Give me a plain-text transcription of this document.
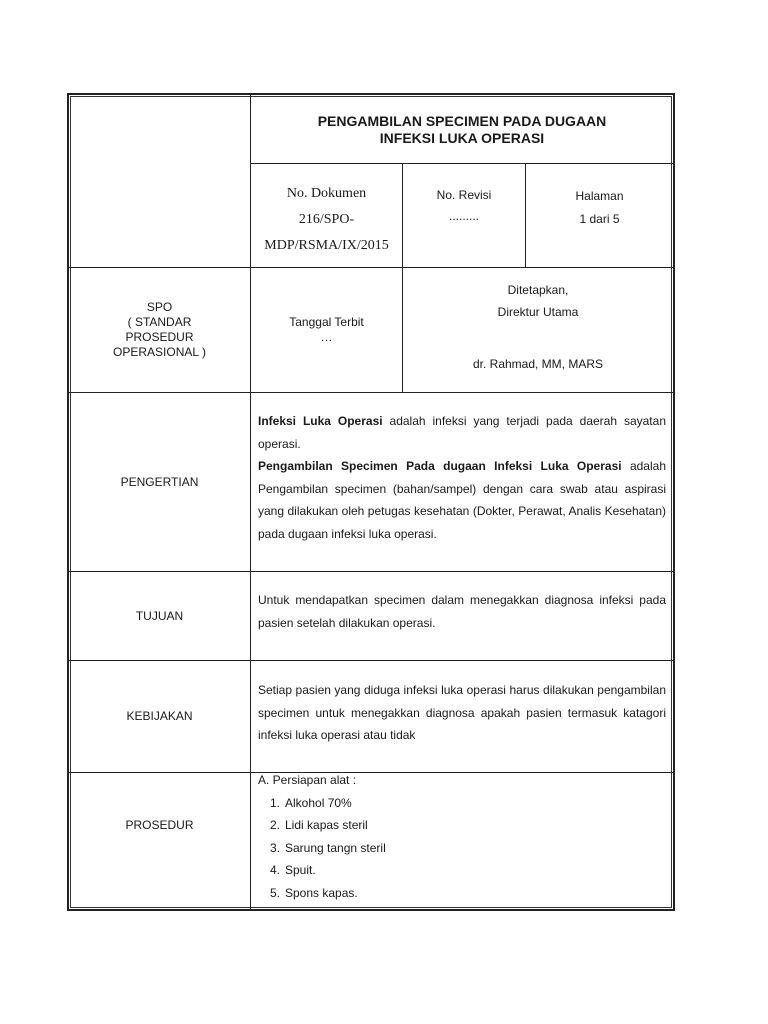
PENGAMBILAN SPECIMEN PADA DUGAAN
INFEKSI LUKA OPERASI
No. Dokumen
216/SPO-
MDP/RSMA/IX/2015
No. Revisi
.........
Halaman
1 dari 5
SPO
( STANDAR
PROSEDUR
OPERASIONAL )
Tanggal Terbit
…
Ditetapkan,
Direktur Utama
dr. Rahmad, MM, MARS
PENGERTIAN
Infeksi Luka Operasi adalah infeksi yang terjadi pada daerah sayatan operasi.
Pengambilan Specimen Pada dugaan Infeksi Luka Operasi adalah Pengambilan specimen (bahan/sampel) dengan cara swab atau aspirasi yang dilakukan oleh petugas kesehatan (Dokter, Perawat, Analis Kesehatan) pada dugaan infeksi luka operasi.
TUJUAN
Untuk mendapatkan specimen dalam menegakkan diagnosa infeksi pada pasien setelah dilakukan operasi.
KEBIJAKAN
Setiap pasien yang diduga infeksi luka operasi harus dilakukan pengambilan specimen untuk menegakkan diagnosa apakah pasien termasuk katagori infeksi luka operasi atau tidak
PROSEDUR
A. Persiapan alat :
1. Alkohol 70%
2. Lidi kapas steril
3. Sarung tangn steril
4. Spuit.
5. Spons kapas.
